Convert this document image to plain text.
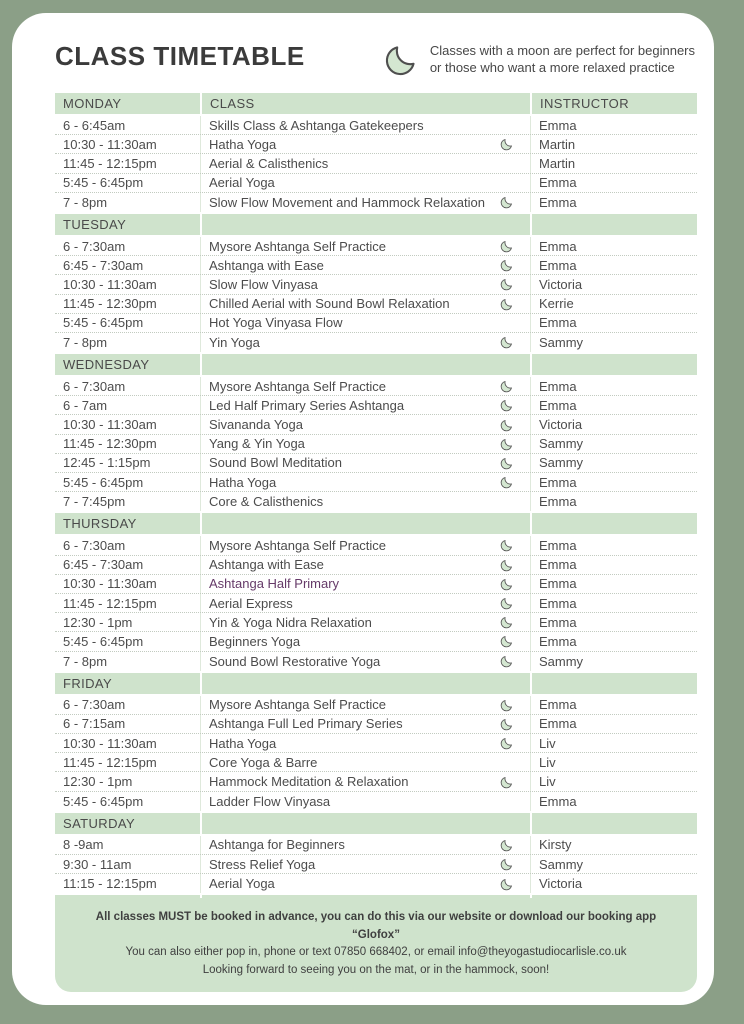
CLASS TIMETABLE	Classes with a moon are perfect for beginners
or those who want a more relaxed practice
MONDAY	CLASS	INSTRUCTOR
6 - 6:45am	Skills Class & Ashtanga Gatekeepers	Emma
10:30 - 11:30am	Hatha Yoga	Martin
11:45 - 12:15pm	Aerial & Calisthenics	Martin
5:45 - 6:45pm	Aerial Yoga	Emma
7 - 8pm	Slow Flow Movement and Hammock Relaxation	Emma
TUESDAY
6 - 7:30am	Mysore Ashtanga Self Practice	Emma
6:45 - 7:30am	Ashtanga with Ease	Emma
10:30 - 11:30am	Slow Flow Vinyasa	Victoria
11:45 - 12:30pm	Chilled Aerial with Sound Bowl Relaxation	Kerrie
5:45 - 6:45pm	Hot Yoga Vinyasa Flow	Emma
7 - 8pm	Yin Yoga	Sammy
WEDNESDAY
6 - 7:30am	Mysore Ashtanga Self Practice	Emma
6 - 7am	Led Half Primary Series Ashtanga	Emma
10:30 - 11:30am	Sivananda Yoga	Victoria
11:45 - 12:30pm	Yang & Yin Yoga	Sammy
12:45 - 1:15pm	Sound Bowl Meditation	Sammy
5:45 - 6:45pm	Hatha Yoga	Emma
7 - 7:45pm	Core & Calisthenics	Emma
THURSDAY
6 - 7:30am	Mysore Ashtanga Self Practice	Emma
6:45 - 7:30am	Ashtanga with Ease	Emma
10:30 - 11:30am	Ashtanga Half Primary	Emma
11:45 - 12:15pm	Aerial Express	Emma
12:30 - 1pm	Yin & Yoga Nidra Relaxation	Emma
5:45 - 6:45pm	Beginners Yoga	Emma
7 - 8pm	Sound Bowl Restorative Yoga	Sammy
FRIDAY
6 - 7:30am	Mysore Ashtanga Self Practice	Emma
6 - 7:15am	Ashtanga Full Led Primary Series	Emma
10:30 - 11:30am	Hatha Yoga	Liv
11:45 - 12:15pm	Core Yoga & Barre	Liv
12:30 - 1pm	Hammock Meditation & Relaxation	Liv
5:45 - 6:45pm	Ladder Flow Vinyasa	Emma
SATURDAY
8 -9am	Ashtanga for Beginners	Kirsty
9:30 - 11am	Stress Relief Yoga	Sammy
11:15 - 12:15pm	Aerial Yoga	Victoria
All classes MUST be booked in advance, you can do this via our website or download our booking app “Glofox”
You can also either pop in, phone or text 07850 668402, or email info@theyogastudiocarlisle.co.uk
Looking forward to seeing you on the mat, or in the hammock, soon!
